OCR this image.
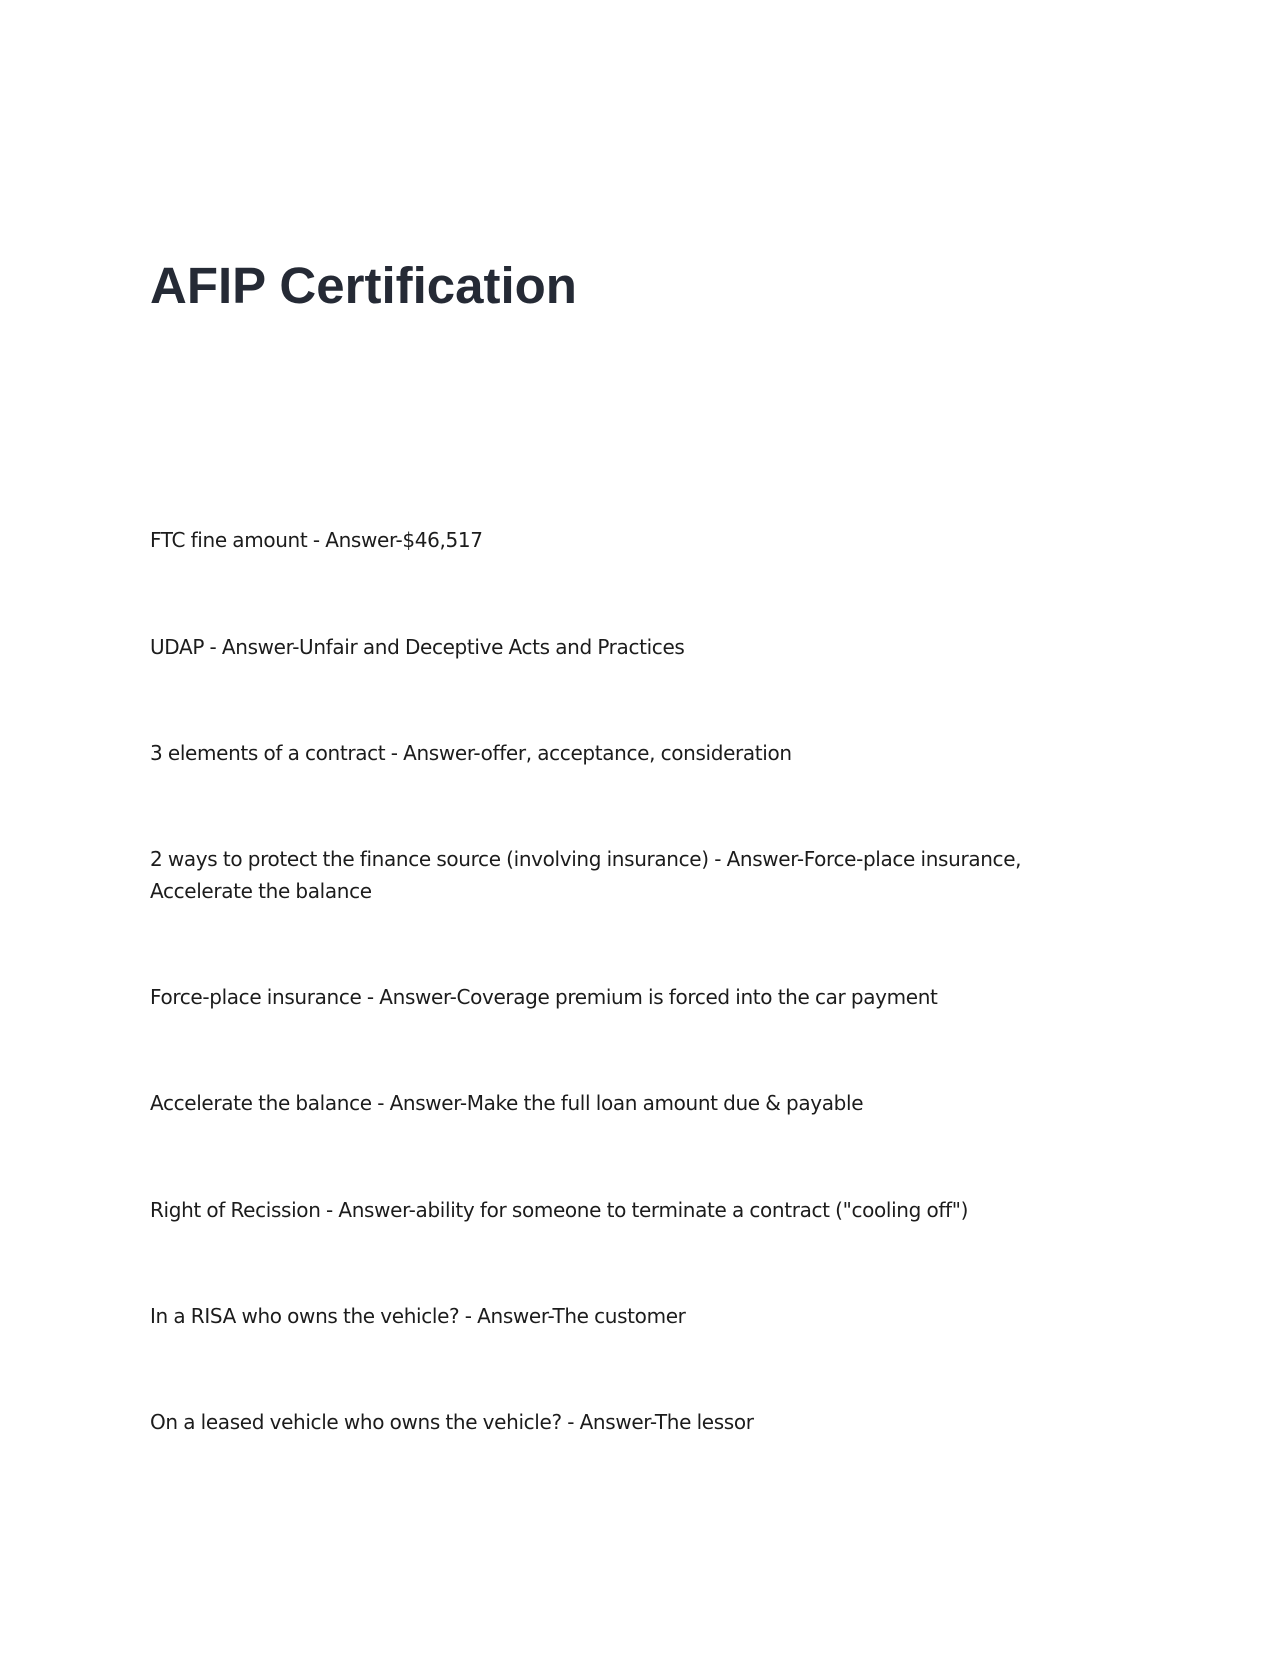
AFIP Certification
FTC fine amount - Answer-$46,517
UDAP - Answer-Unfair and Deceptive Acts and Practices
3 elements of a contract - Answer-offer, acceptance, consideration
2 ways to protect the finance source (involving insurance) - Answer-Force-place insurance, Accelerate the balance
Force-place insurance - Answer-Coverage premium is forced into the car payment
Accelerate the balance - Answer-Make the full loan amount due & payable
Right of Recission - Answer-ability for someone to terminate a contract ("cooling off")
In a RISA who owns the vehicle? - Answer-The customer
On a leased vehicle who owns the vehicle? - Answer-The lessor
